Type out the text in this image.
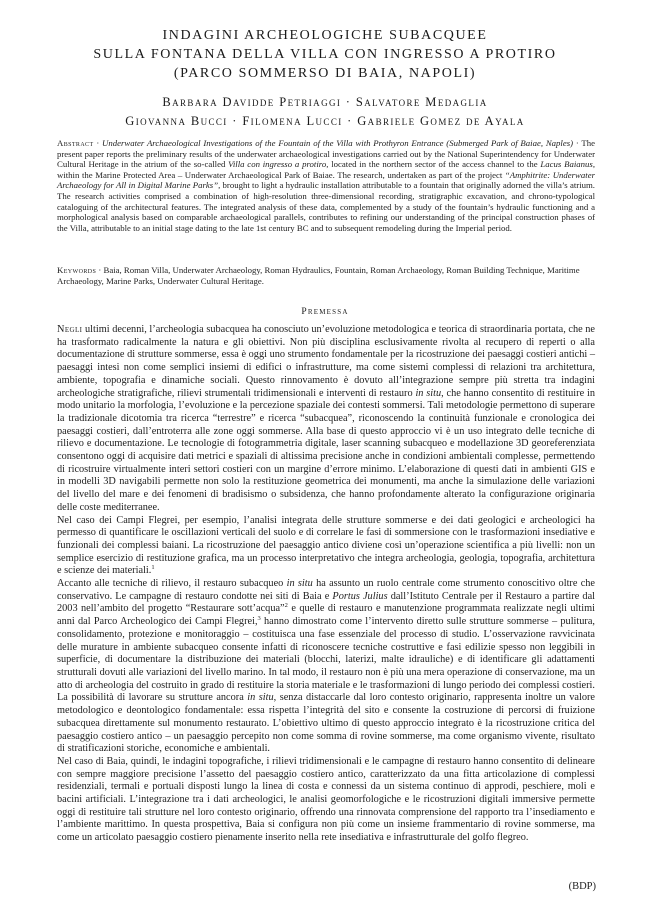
INDAGINI ARCHEOLOGICHE SUBACQUEE

SULLA FONTANA DELLA VILLA CON INGRESSO A PROTIRO

(PARCO SOMMERSO DI BAIA, NAPOLI)

Barbara Davidde Petriaggi · Salvatore Medaglia

Giovanna Bucci · Filomena Lucci · Gabriele Gomez de Ayala

Abstract · Underwater Archaeological Investigations of the Fountain of the Villa with Prothyron Entrance (Submerged Park of Baiae, Naples) · The present paper reports the preliminary results of the underwater archaeological investigations carried out by the National Superintendency for Underwater Cultural Heritage in the atrium of the so-called Villa con ingresso a protiro, located in the northern sector of the access channel to the Lacus Baianus, within the Marine Protected Area – Underwater Archaeological Park of Baiae. The research, undertaken as part of the project “Amphitrite: Underwater Archaeology for All in Digital Marine Parks”, brought to light a hydraulic installation attributable to a fountain that originally adorned the villa’s atrium. The research activities comprised a combination of high-resolution three-dimensional recording, stratigraphic excavation, and chrono-typological cataloguing of the architectural features. The integrated analysis of these data, complemented by a study of the fountain’s hydraulic functioning and a morphological analysis based on comparable archaeological parallels, contributes to refining our understanding of the principal construction phases of the Villa, attributable to an initial stage dating to the late 1st century BC and to subsequent remodeling during the Imperial period.

Keywords · Baia, Roman Villa, Underwater Archaeology, Roman Hydraulics, Fountain, Roman Archaeology, Roman Building Technique, Maritime Archaeology, Marine Parks, Underwater Cultural Heritage.

Premessa

Negli ultimi decenni, l’archeologia subacquea ha conosciuto un’evoluzione metodologica e teorica di straordinaria portata, che ne ha trasformato radicalmente la natura e gli obiettivi. Non più disciplina esclusivamente rivolta al recupero di reperti o alla documentazione di strutture sommerse, essa è oggi uno strumento fondamentale per la ricostruzione dei paesaggi costieri antichi – paesaggi intesi non come semplici insiemi di edifici o infrastrutture, ma come sistemi complessi di relazioni tra architettura, ambiente, topografia e dinamiche sociali. Questo rinnovamento è dovuto all’integrazione sempre più stretta tra indagini archeologiche stratigrafiche, rilievi strumentali tridimensionali e interventi di restauro in situ, che hanno consentito di restituire in modo unitario la morfologia, l’evoluzione e la percezione spaziale dei contesti sommersi. Tali metodologie permettono di superare la tradizionale dicotomia tra ricerca “terrestre” e ricerca “subacquea”, riconoscendo la continuità funzionale e cronologica dei paesaggi costieri, dall’entroterra alle zone oggi sommerse. Alla base di questo approccio vi è un uso integrato delle tecniche di rilievo e documentazione. Le tecnologie di fotogrammetria digitale, laser scanning subacqueo e modellazione 3D georeferenziata consentono oggi di acquisire dati metrici e spaziali di altissima precisione anche in condizioni ambientali complesse, permettendo di ricostruire virtualmente interi settori costieri con un margine d’errore minimo. L’elaborazione di questi dati in ambienti GIS e in modelli 3D navigabili permette non solo la restituzione geometrica dei monumenti, ma anche la simulazione delle variazioni del livello del mare e dei fenomeni di bradisismo o subsidenza, che hanno profondamente alterato la configurazione originaria delle coste mediterranee.

Nel caso dei Campi Flegrei, per esempio, l’analisi integrata delle strutture sommerse e dei dati geologici e archeologici ha permesso di quantificare le oscillazioni verticali del suolo e di correlare le fasi di sommersione con le trasformazioni insediative e funzionali dei complessi baiani. La ricostruzione del paesaggio antico diviene così un’operazione scientifica a più livelli: non un semplice esercizio di restituzione grafica, ma un processo interpretativo che integra archeologia, geologia, topografia, architettura e scienze dei materiali.$^1$

Accanto alle tecniche di rilievo, il restauro subacqueo in situ ha assunto un ruolo centrale come strumento conoscitivo oltre che conservativo. Le campagne di restauro condotte nei siti di Baia e Portus Julius dall’Istituto Centrale per il Restauro a partire dal 2003 nell’ambito del progetto “Restaurare sott’acqua”$^2$ e quelle di restauro e manutenzione programmata realizzate negli ultimi anni dal Parco Archeologico dei Campi Flegrei,$^3$ hanno dimostrato come l’intervento diretto sulle strutture sommerse – pulitura, consolidamento, protezione e monitoraggio – costituisca una fase essenziale del processo di studio. L’osservazione ravvicinata delle murature in ambiente subacqueo consente infatti di riconoscere tecniche costruttive e fasi edilizie spesso non leggibili in superficie, di documentare la distribuzione dei materiali (blocchi, laterizi, malte idrauliche) e di identificare gli adattamenti strutturali dovuti alle variazioni del livello marino. In tal modo, il restauro non è più una mera operazione di conservazione, ma un atto di archeologia del costruito in grado di restituire la storia materiale e le trasformazioni di lungo periodo dei complessi costieri. La possibilità di lavorare su strutture ancora in situ, senza distaccarle dal loro contesto originario, rappresenta inoltre un valore metodologico e deontologico fondamentale: essa rispetta l’integrità del sito e consente la costruzione di percorsi di fruizione subacquea direttamente sul monumento restaurato. L’obiettivo ultimo di questo approccio integrato è la ricostruzione critica del paesaggio costiero antico – un paesaggio percepito non come somma di rovine sommerse, ma come organismo vivente, risultato di stratificazioni storiche, economiche e ambientali.

Nel caso di Baia, quindi, le indagini topografiche, i rilievi tridimensionali e le campagne di restauro hanno consentito di delineare con sempre maggiore precisione l’assetto del paesaggio costiero antico, caratterizzato da una fitta articolazione di complessi residenziali, termali e portuali disposti lungo la linea di costa e connessi da un sistema continuo di approdi, peschiere, moli e bacini artificiali. L’integrazione tra i dati archeologici, le analisi geomorfologiche e le ricostruzioni digitali immersive permette oggi di restituire tali strutture nel loro contesto originario, offrendo una rinnovata comprensione del rapporto tra l’insediamento e l’ambiente marittimo. In questa prospettiva, Baia si configura non più come un insieme frammentario di rovine sommerse, ma come un articolato paesaggio costiero pienamente inserito nella rete insediativa e infrastrutturale del golfo flegreo.

(BDP)
